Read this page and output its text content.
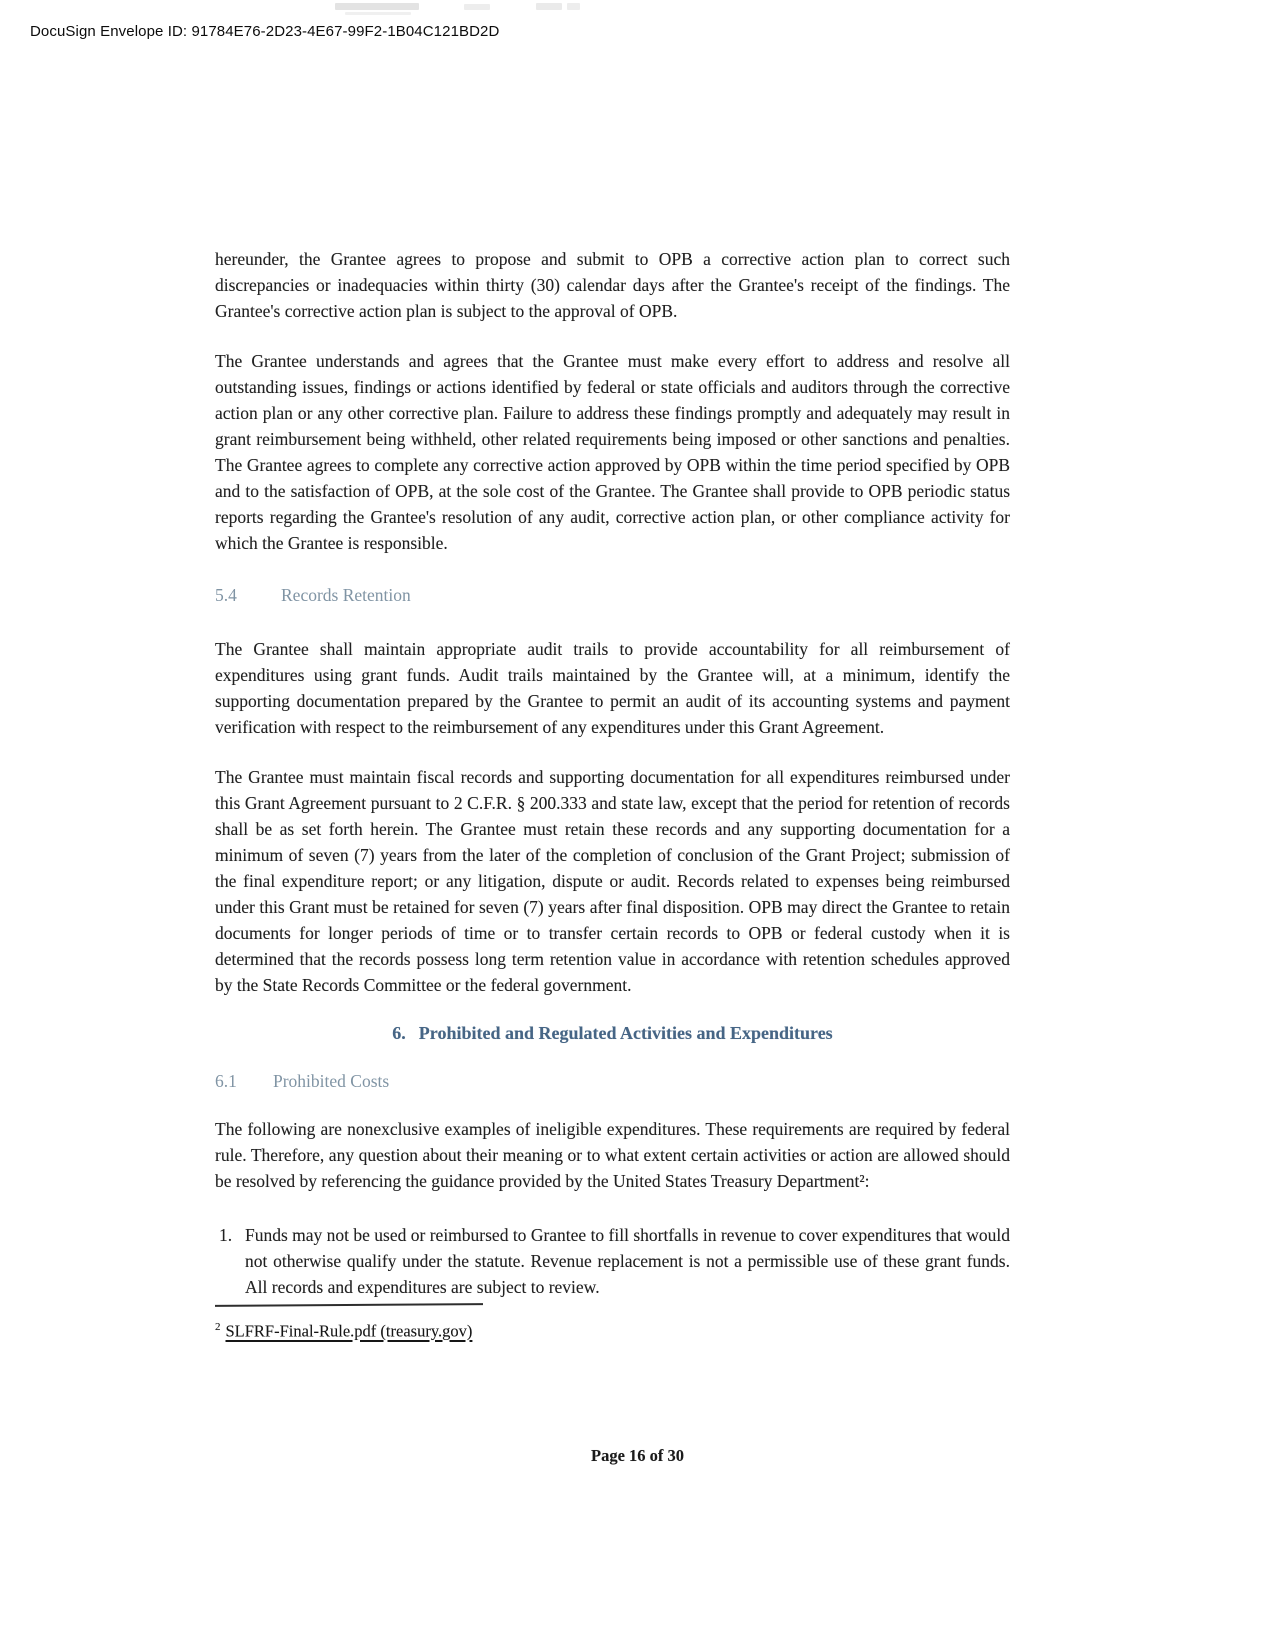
DocuSign Envelope ID: 91784E76-2D23-4E67-99F2-1B04C121BD2D

hereunder, the Grantee agrees to propose and submit to OPB a corrective action plan to correct such discrepancies or inadequacies within thirty (30) calendar days after the Grantee's receipt of the findings. The Grantee's corrective action plan is subject to the approval of OPB.

The Grantee understands and agrees that the Grantee must make every effort to address and resolve all outstanding issues, findings or actions identified by federal or state officials and auditors through the corrective action plan or any other corrective plan. Failure to address these findings promptly and adequately may result in grant reimbursement being withheld, other related requirements being imposed or other sanctions and penalties. The Grantee agrees to complete any corrective action approved by OPB within the time period specified by OPB and to the satisfaction of OPB, at the sole cost of the Grantee. The Grantee shall provide to OPB periodic status reports regarding the Grantee's resolution of any audit, corrective action plan, or other compliance activity for which the Grantee is responsible.

5.4	Records Retention

The Grantee shall maintain appropriate audit trails to provide accountability for all reimbursement of expenditures using grant funds. Audit trails maintained by the Grantee will, at a minimum, identify the supporting documentation prepared by the Grantee to permit an audit of its accounting systems and payment verification with respect to the reimbursement of any expenditures under this Grant Agreement.

The Grantee must maintain fiscal records and supporting documentation for all expenditures reimbursed under this Grant Agreement pursuant to 2 C.F.R. § 200.333 and state law, except that the period for retention of records shall be as set forth herein. The Grantee must retain these records and any supporting documentation for a minimum of seven (7) years from the later of the completion of conclusion of the Grant Project; submission of the final expenditure report; or any litigation, dispute or audit. Records related to expenses being reimbursed under this Grant must be retained for seven (7) years after final disposition. OPB may direct the Grantee to retain documents for longer periods of time or to transfer certain records to OPB or federal custody when it is determined that the records possess long term retention value in accordance with retention schedules approved by the State Records Committee or the federal government.

6. Prohibited and Regulated Activities and Expenditures
6.1	Prohibited Costs

The following are nonexclusive examples of ineligible expenditures. These requirements are required by federal rule. Therefore, any question about their meaning or to what extent certain activities or action are allowed should be resolved by referencing the guidance provided by the United States Treasury Department²:

1. Funds may not be used or reimbursed to Grantee to fill shortfalls in revenue to cover expenditures that would not otherwise qualify under the statute. Revenue replacement is not a permissible use of these grant funds. All records and expenditures are subject to review.
$^2$ SLFRF-Final-Rule.pdf (treasury.gov)
Page 16 of 30
